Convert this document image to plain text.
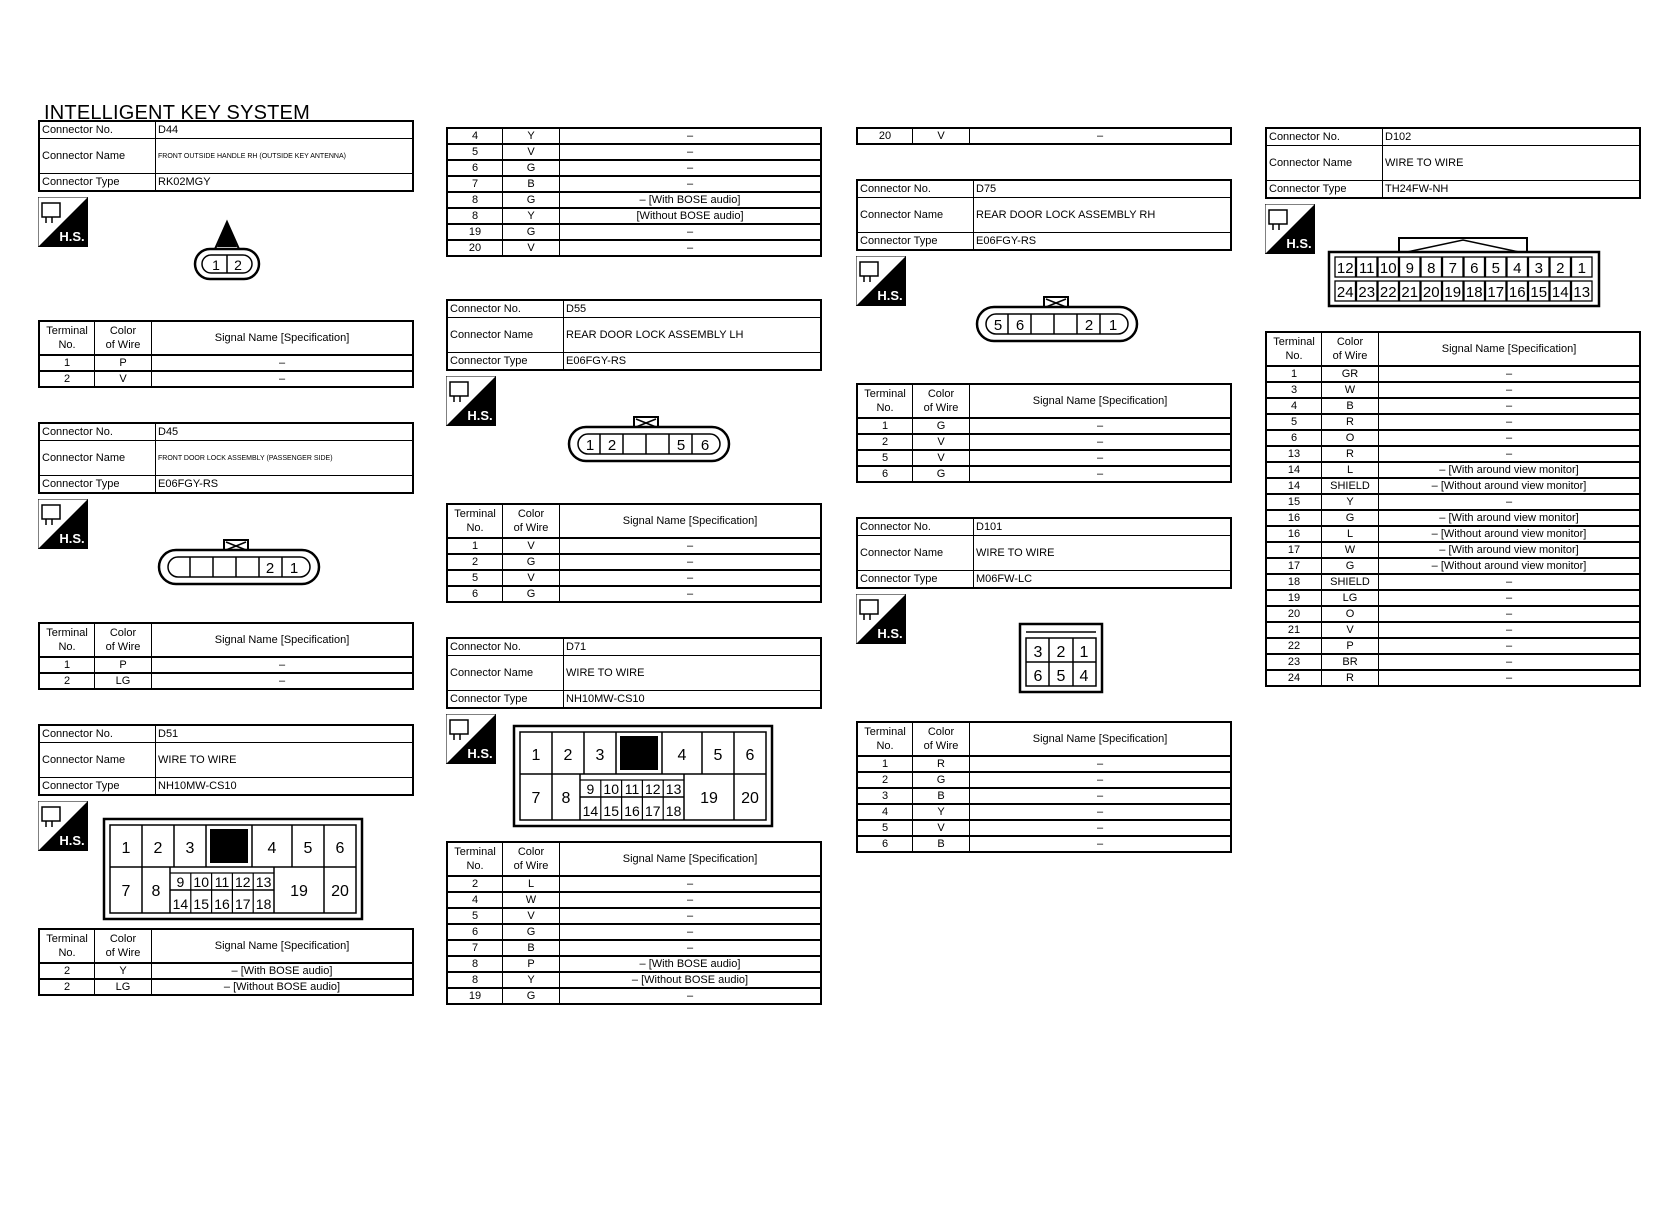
INTELLIGENT KEY SYSTEM
Connector No.	D44
Connector Name	FRONT OUTSIDE HANDLE RH (OUTSIDE KEY ANTENNA)
Connector Type	RK02MGY
H.S.
1 2
Terminal
No.	Color
of Wire	Signal Name [Specification]
1	P	–
2	V	–
Connector No.	D45
Connector Name	FRONT DOOR LOCK ASSEMBLY (PASSENGER SIDE)
Connector Type	E06FGY-RS
H.S.
2 1
Terminal
No.	Color
of Wire	Signal Name [Specification]
1	P	–
2	LG	–
Connector No.	D51
Connector Name	WIRE TO WIRE
Connector Type	NH10MW-CS10
H.S. 1 2 3	4 5 6
7 8
9
14
10
15
11
16
12
17
13
18
19 20
Terminal
No.	Color
of Wire	Signal Name [Specification]
2	Y	– [With BOSE audio]
2	LG	– [Without BOSE audio]
4	Y	–
5	V	–
6	G	–
7	B	–
8	G	– [With BOSE audio]
8	Y	[Without BOSE audio]
19	G	–
20	V	–
Connector No.	D55
Connector Name	REAR DOOR LOCK ASSEMBLY LH
Connector Type	E06FGY-RS
H.S.
1 2	5 6
Terminal
No.	Color
of Wire	Signal Name [Specification]
1	V	–
2	G	–
5	V	–
6	G	–
Connector No.	D71
Connector Name	WIRE TO WIRE
Connector Type	NH10MW-CS10
H.S. 1 2 3	4 5 6
7 8
9
14
10
15
11
16
12
17
13
18
19 20
Terminal
No.	Color
of Wire	Signal Name [Specification]
2	L	–
4	W	–
5	V	–
6	G	–
7	B	–
8	P	– [With BOSE audio]
8	Y	– [Without BOSE audio]
19	G	–
20	V	–
Connector No.	D75
Connector Name	REAR DOOR LOCK ASSEMBLY RH
Connector Type	E06FGY-RS
H.S.
5 6	2 1
Terminal
No.	Color
of Wire	Signal Name [Specification]
1	G	–
2	V	–
5	V	–
6	G	–
Connector No.	D101
Connector Name	WIRE TO WIRE
Connector Type	M06FW-LC
H.S.
3 2 1
6 5 4
Terminal
No.	Color
of Wire	Signal Name [Specification]
1	R	–
2	G	–
3	B	–
4	Y	–
5	V	–
6	B	–
Connector No.	D102
Connector Name	WIRE TO WIRE
Connector Type	TH24FW-NH
H.S.
12
24
11
23
10
22
9
21
8
20
7
19
6
18
5
17
4
16
3
15
2
14
1
13
Terminal
No.	Color
of Wire	Signal Name [Specification]
1	GR	–
3	W	–
4	B	–
5	R	–
6	O	–
13	R	–
14	L	– [With around view monitor]
14	SHIELD	– [Without around view monitor]
15	Y	–
16	G	– [With around view monitor]
16	L	– [Without around view monitor]
17	W	– [With around view monitor]
17	G	– [Without around view monitor]
18	SHIELD	–
19	LG	–
20	O	–
21	V	–
22	P	–
23	BR	–
24	R	–
